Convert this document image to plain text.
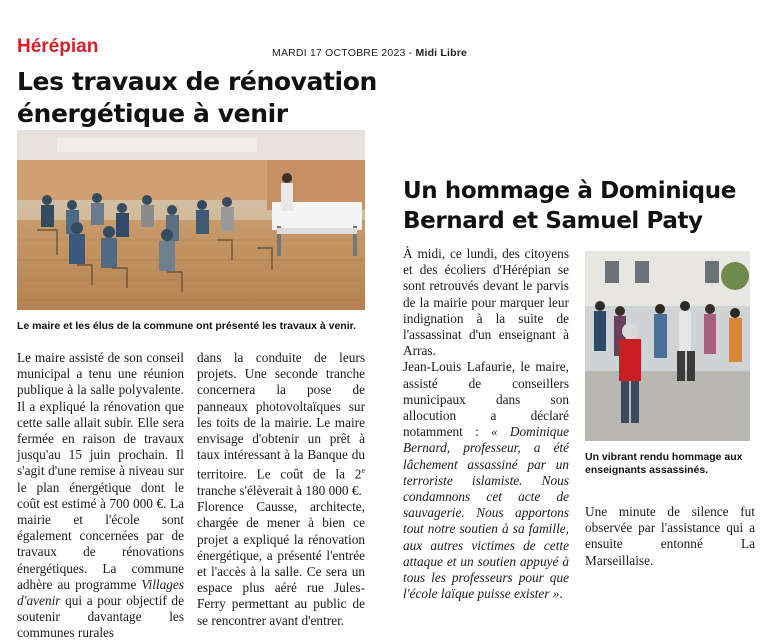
Hérépian	MARDI 17 OCTOBRE 2023 - Midi Libre
Les travaux de rénovation énergétique à venir
Le maire et les élus de la commune ont présenté les travaux à venir.

Le maire assisté de son conseil municipal a tenu une réunion publique à la salle polyvalente. Il a expliqué la rénovation que cette salle allait subir. Elle sera fermée en raison de travaux jusqu'au 15 juin prochain. Il s'agit d'une remise à niveau sur le plan énergétique dont le coût est estimé à 700 000 €. La mairie et l'école sont également concernées par de travaux de rénovations énergétiques. La commune adhère au programme Villages d'avenir qui a pour objectif de soutenir davantage les communes rurales

dans la conduite de leurs projets. Une seconde tranche concernera la pose de panneaux photovoltaïques sur les toits de la mairie. Le maire envisage d'obtenir un prêt à taux intéressant à la Banque du territoire. Le coût de la 2e tranche s'élèverait à 180 000 €.

Florence Causse, architecte, chargée de mener à bien ce projet a expliqué la rénovation énergétique, a présenté l'entrée et l'accès à la salle. Ce sera un espace plus aéré rue Jules-Ferry permettant au public de se rencontrer avant d'entrer.

Un hommage à Dominique Bernard et Samuel Paty

À midi, ce lundi, des citoyens et des écoliers d'Hérépian se sont retrouvés devant le parvis de la mairie pour marquer leur indignation à la suite de l'assassinat d'un enseignant à Arras.

Jean-Louis Lafaurie, le maire, assisté de conseillers municipaux dans son allocution a déclaré notamment : « Dominique Bernard, professeur, a été lâchement assassiné par un terroriste islamiste. Nous condamnons cet acte de sauvagerie. Nous apportons tout notre soutien à sa famille, aux autres victimes de cette attaque et un soutien appuyé à tous les professeurs pour que l'école laïque puisse exister ».

Un vibrant rendu hommage aux enseignants assassinés.

Une minute de silence fut observée par l'assistance qui a ensuite entonné La Marseillaise.
